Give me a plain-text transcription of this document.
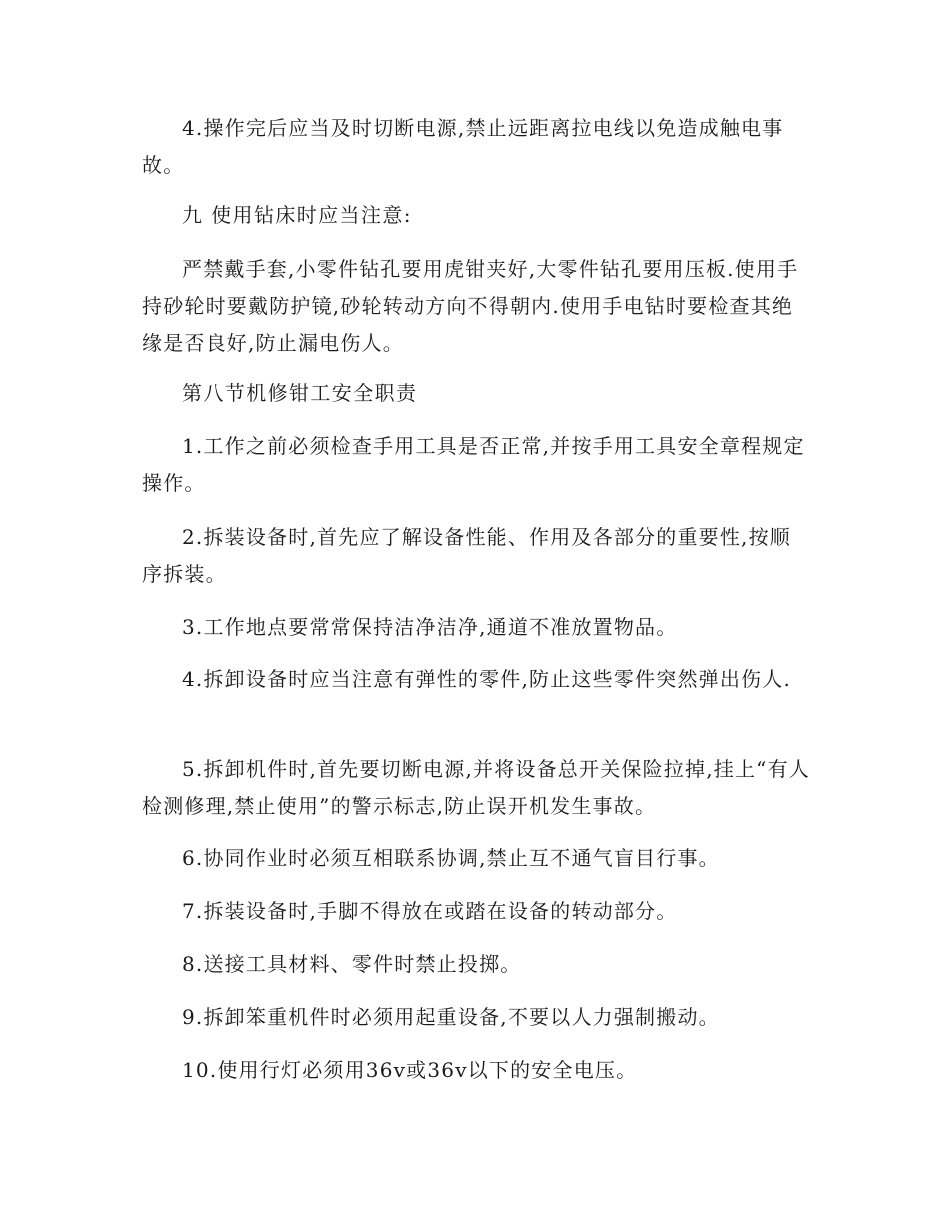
4.操作完后应当及时切断电源,禁止远距离拉电线以免造成触电事故。

九 使用钻床时应当注意:

严禁戴手套,小零件钻孔要用虎钳夹好,大零件钻孔要用压板.使用手持砂轮时要戴防护镜,砂轮转动方向不得朝内.使用手电钻时要检查其绝缘是否良好,防止漏电伤人。

第八节机修钳工安全职责

1.工作之前必须检查手用工具是否正常,并按手用工具安全章程规定操作。

2.拆装设备时,首先应了解设备性能、作用及各部分的重要性,按顺序拆装。

3.工作地点要常常保持洁净洁净,通道不准放置物品。

4.拆卸设备时应当注意有弹性的零件,防止这些零件突然弹出伤人.

5.拆卸机件时,首先要切断电源,并将设备总开关保险拉掉,挂上“有人检测修理,禁止使用”的警示标志,防止误开机发生事故。

6.协同作业时必须互相联系协调,禁止互不通气盲目行事。

7.拆装设备时,手脚不得放在或踏在设备的转动部分。

8.送接工具材料、零件时禁止投掷。

9.拆卸笨重机件时必须用起重设备,不要以人力强制搬动。

10.使用行灯必须用36v或36v以下的安全电压。
